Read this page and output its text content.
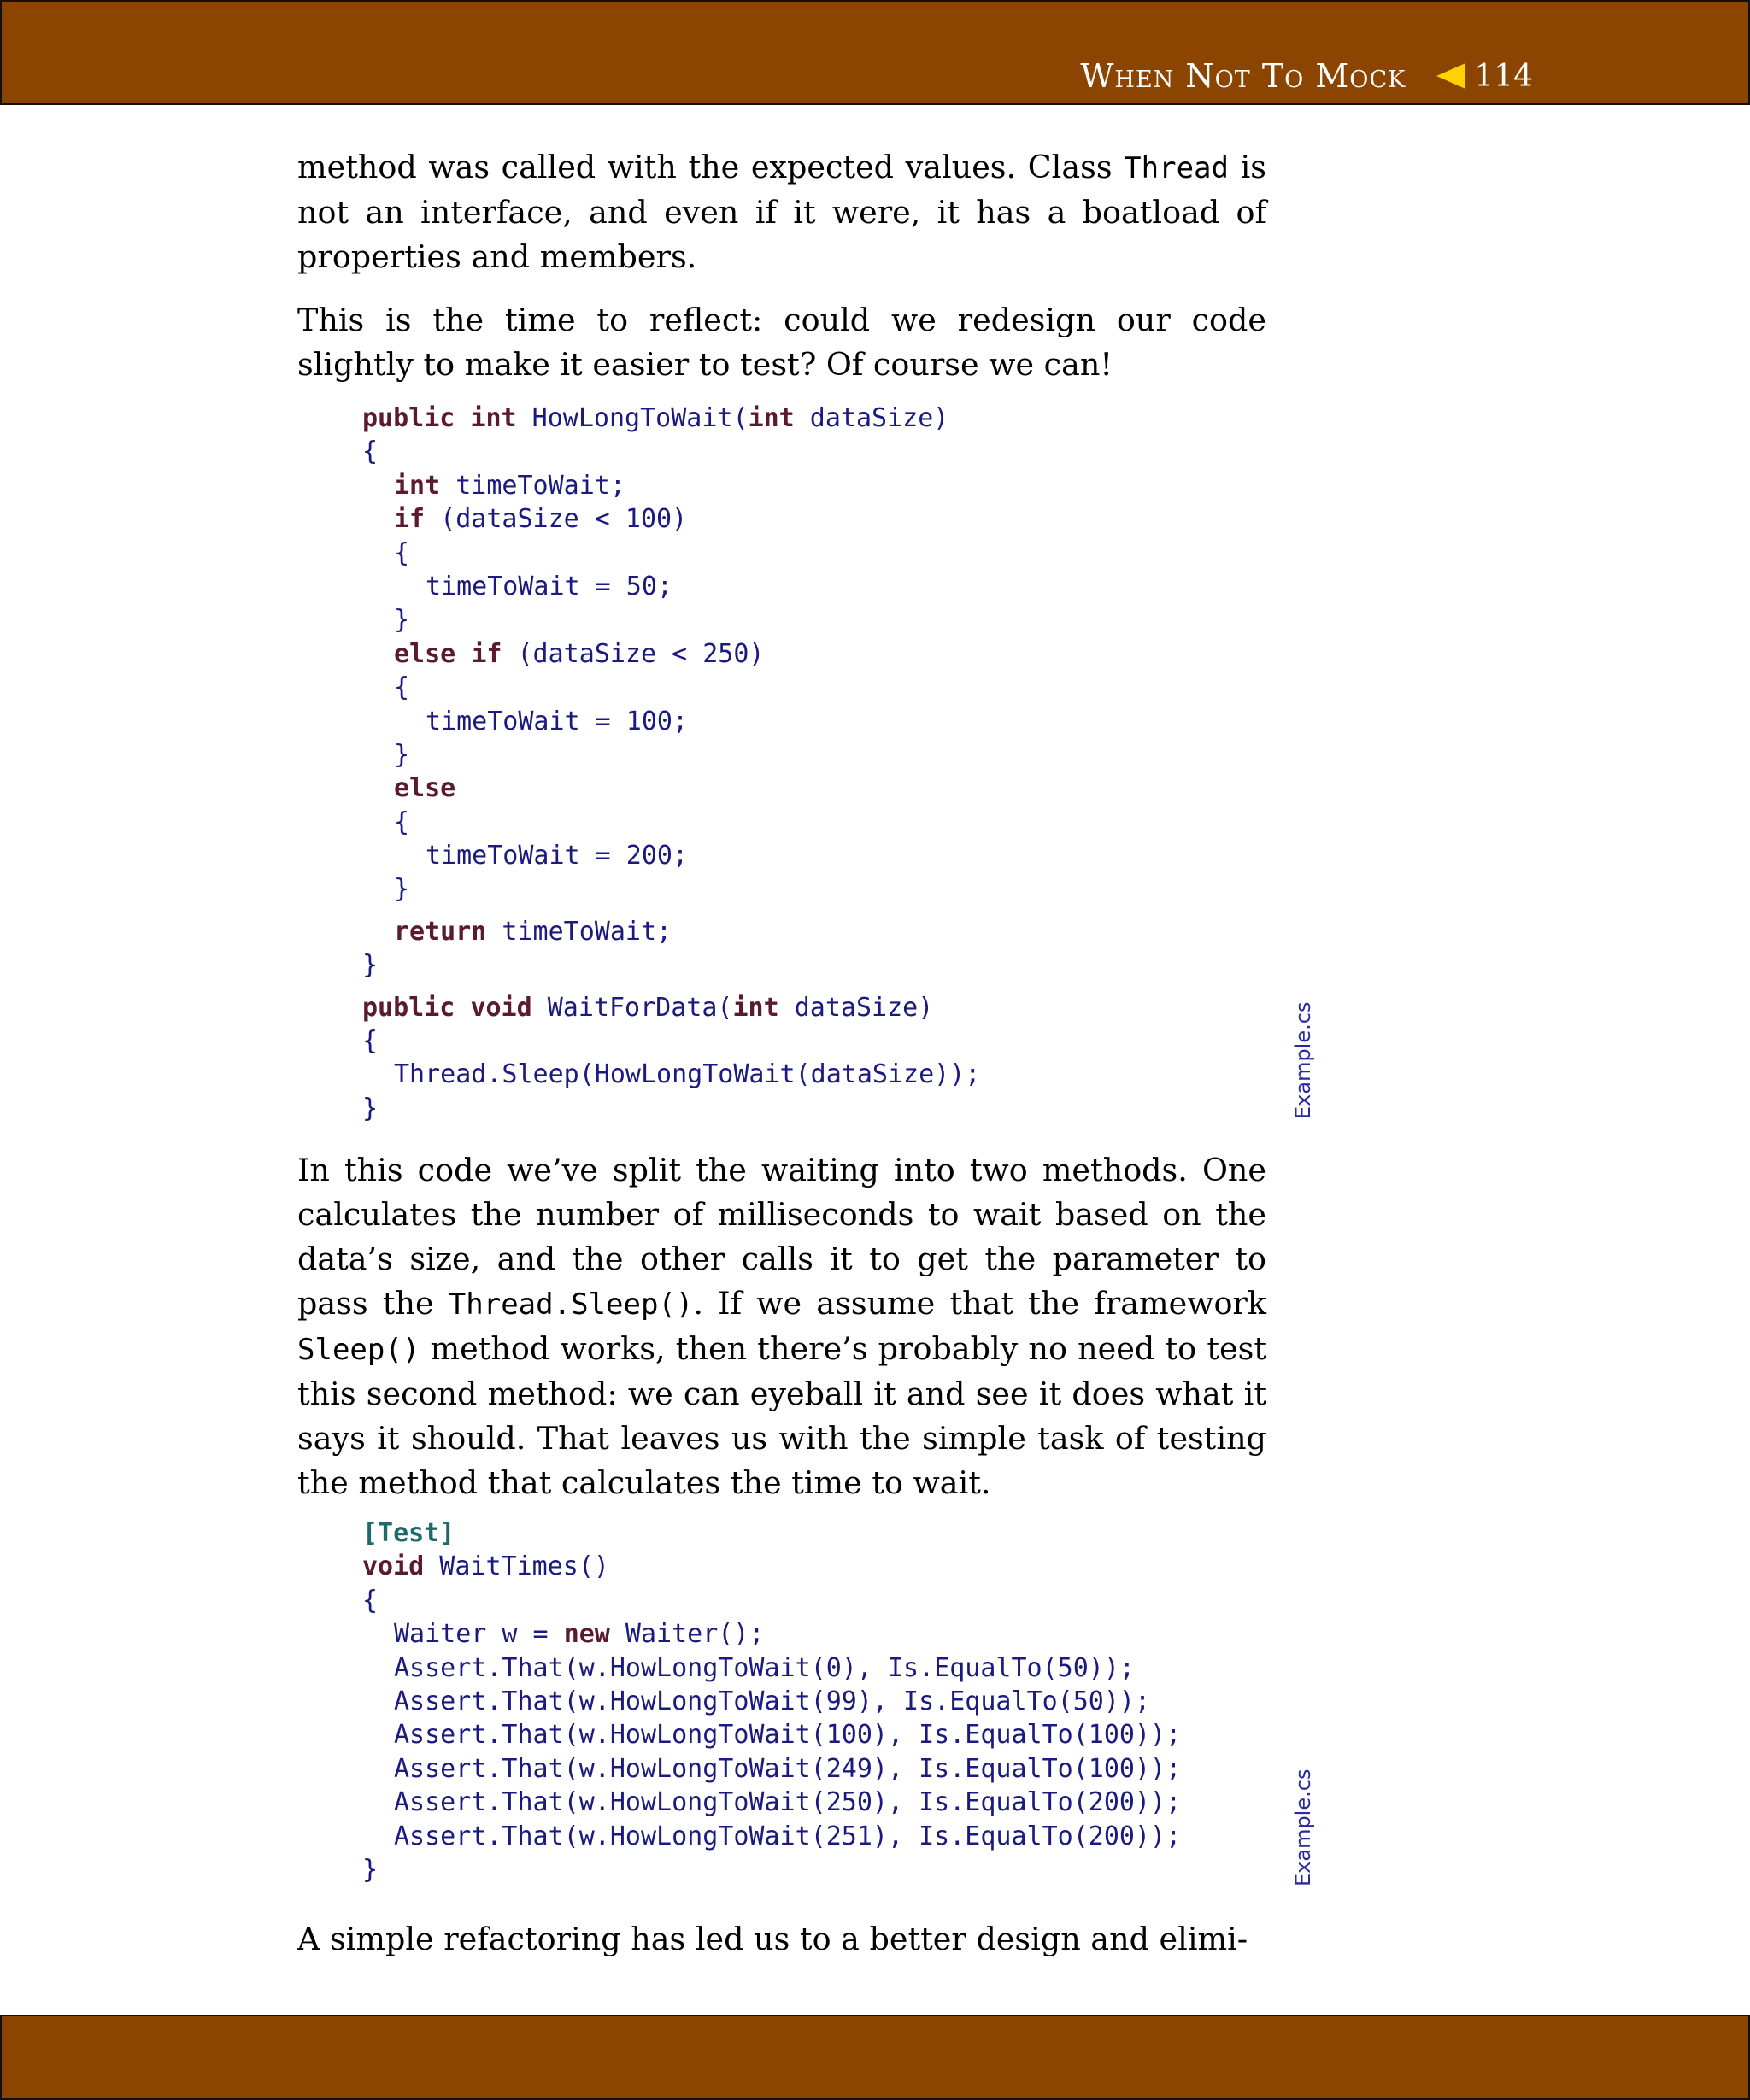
When Not To Mock 114

method was called with the expected values. Class Thread is not an interface, and even if it were, it has a boatload of properties and members.

This is the time to reflect: could we redesign our code slightly to make it easier to test? Of course we can!

public int HowLongToWait(int dataSize)
{
int timeToWait;
if (dataSize < 100)
{
timeToWait = 50;
}
else if (dataSize < 250)
{
timeToWait = 100;
}
else
{
timeToWait = 200;
}
return timeToWait;
}
public void WaitForData(int dataSize)
{
Thread.Sleep(HowLongToWait(dataSize));
}	Example.cs

In this code we’ve split the waiting into two methods. One calculates the number of milliseconds to wait based on the data’s size, and the other calls it to get the parameter to pass the Thread.Sleep(). If we assume that the framework Sleep() method works, then there’s probably no need to test this second method: we can eyeball it and see it does what it says it should. That leaves us with the simple task of testing the method that calculates the time to wait.

[Test]
void WaitTimes()
{
Waiter w = new Waiter();
Assert.That(w.HowLongToWait(0), Is.EqualTo(50));
Assert.That(w.HowLongToWait(99), Is.EqualTo(50));
Assert.That(w.HowLongToWait(100), Is.EqualTo(100));
Assert.That(w.HowLongToWait(249), Is.EqualTo(100));
Assert.That(w.HowLongToWait(250), Is.EqualTo(200));
Assert.That(w.HowLongToWait(251), Is.EqualTo(200));
}	Example.cs

A simple refactoring has led us to a better design and elimi-
